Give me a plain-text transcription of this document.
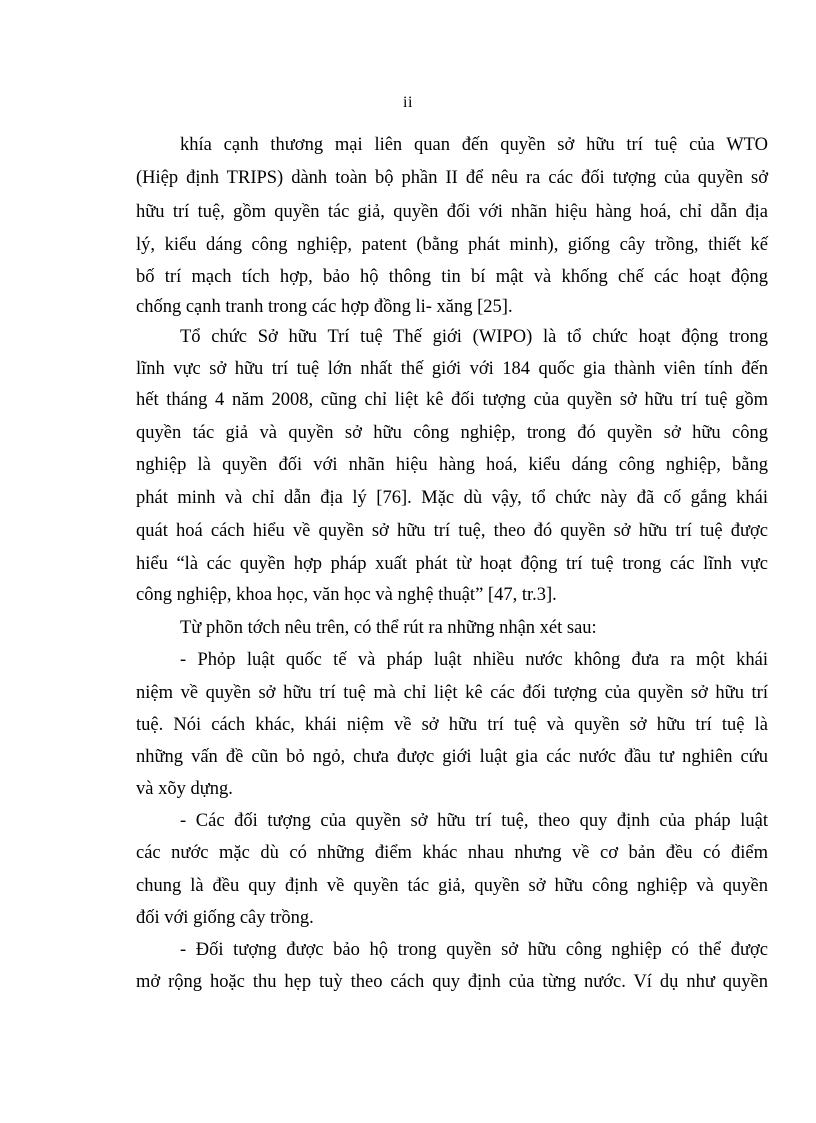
ii
khía cạnh thương mại liên quan đến quyền sở hữu trí tuệ của WTO
(Hiệp định TRIPS) dành toàn bộ phần II để nêu ra các đối tượng của quyền sở
hữu trí tuệ, gồm quyền tác giả, quyền đối với nhãn hiệu hàng hoá, chỉ dẫn địa
lý, kiểu dáng công nghiệp, patent (bằng phát minh), giống cây trồng, thiết kế
bố trí mạch tích hợp, bảo hộ thông tin bí mật và khống chế các hoạt động
chống cạnh tranh trong các hợp đồng li- xăng [25].
Tổ chức Sở hữu Trí tuệ Thế giới (WIPO) là tổ chức hoạt động trong
lĩnh vực sở hữu trí tuệ lớn nhất thế giới với 184 quốc gia thành viên tính đến
hết tháng 4 năm 2008, cũng chỉ liệt kê đối tượng của quyền sở hữu trí tuệ gồm
quyền tác giả và quyền sở hữu công nghiệp, trong đó quyền sở hữu công
nghiệp là quyền đối với nhãn hiệu hàng hoá, kiểu dáng công nghiệp, bằng
phát minh và chỉ dẫn địa lý [76]. Mặc dù vậy, tổ chức này đã cố gắng khái
quát hoá cách hiểu về quyền sở hữu trí tuệ, theo đó quyền sở hữu trí tuệ được
hiểu “là các quyền hợp pháp xuất phát từ hoạt động trí tuệ trong các lĩnh vực
công nghiệp, khoa học, văn học và nghệ thuật” [47, tr.3].
Từ phõn tớch nêu trên, có thể rút ra những nhận xét sau:
- Phỏp luật quốc tế và pháp luật nhiều nước không đưa ra một khái
niệm về quyền sở hữu trí tuệ mà chỉ liệt kê các đối tượng của quyền sở hữu trí
tuệ. Nói cách khác, khái niệm về sở hữu trí tuệ và quyền sở hữu trí tuệ là
những vấn đề cũn bỏ ngỏ, chưa được giới luật gia các nước đầu tư nghiên cứu
và xõy dựng.
- Các đối tượng của quyền sở hữu trí tuệ, theo quy định của pháp luật
các nước mặc dù có những điểm khác nhau nhưng về cơ bản đều có điểm
chung là đều quy định về quyền tác giả, quyền sở hữu công nghiệp và quyền
đối với giống cây trồng.
- Đối tượng được bảo hộ trong quyền sở hữu công nghiệp có thể được
mở rộng hoặc thu hẹp tuỳ theo cách quy định của từng nước. Ví dụ như quyền
